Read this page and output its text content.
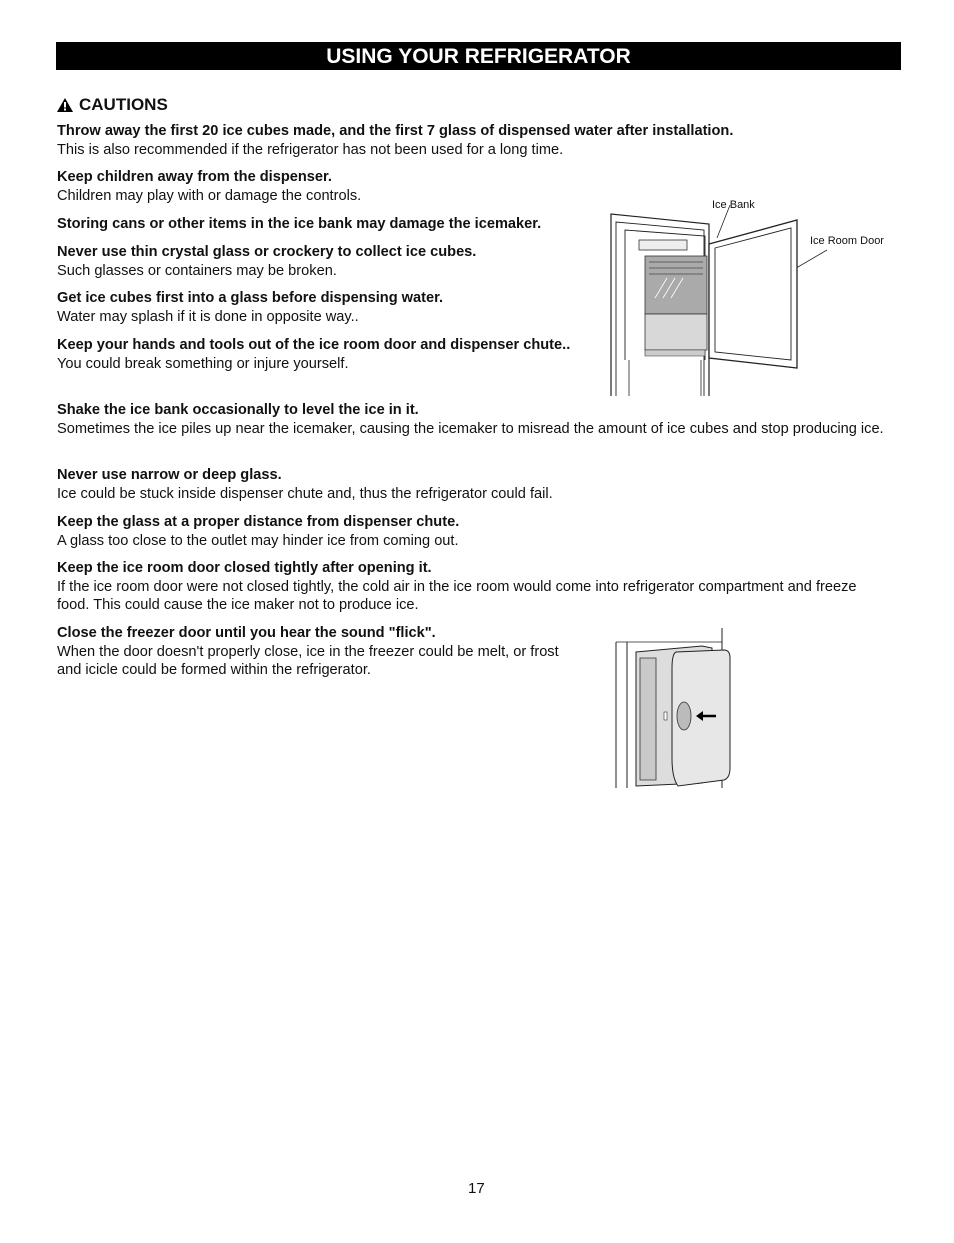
USING YOUR REFRIGERATOR
CAUTIONS
Throw away the first 20 ice cubes made, and the first 7 glass of dispensed water after installation.
This is also recommended if the refrigerator has not been used for a long time.
Keep children away from the dispenser.
Children may play with or damage the controls.
Storing cans or other items in the ice bank may damage the icemaker.
Never use thin crystal glass or crockery to collect ice cubes.
Such glasses or containers may be broken.
Get ice cubes first into a glass before dispensing water.
Water may splash if it is done in opposite way..
Keep your hands and tools out of the ice room door and dispenser chute..
You could break something or injure yourself.
Shake the ice bank occasionally to level the ice in it.
Sometimes the ice piles up near the icemaker, causing the icemaker to misread the amount of ice cubes and stop producing ice.
Never use narrow or deep glass.
Ice could be stuck inside dispenser chute and, thus the refrigerator could fail.
Keep the glass at a proper distance from dispenser chute.
A glass too close to the outlet may hinder ice from coming out.
Keep the ice room door closed tightly after opening it.
If the ice room door were not closed tightly, the cold air in the ice room would come into refrigerator compartment and freeze food. This could cause the ice maker not to produce ice.
Close the freezer door until you hear the sound "flick".
When the door doesn't properly close, ice in the freezer could be melt, or frost and icicle could be formed within the refrigerator.
Ice Bank
Ice Room Door
17
